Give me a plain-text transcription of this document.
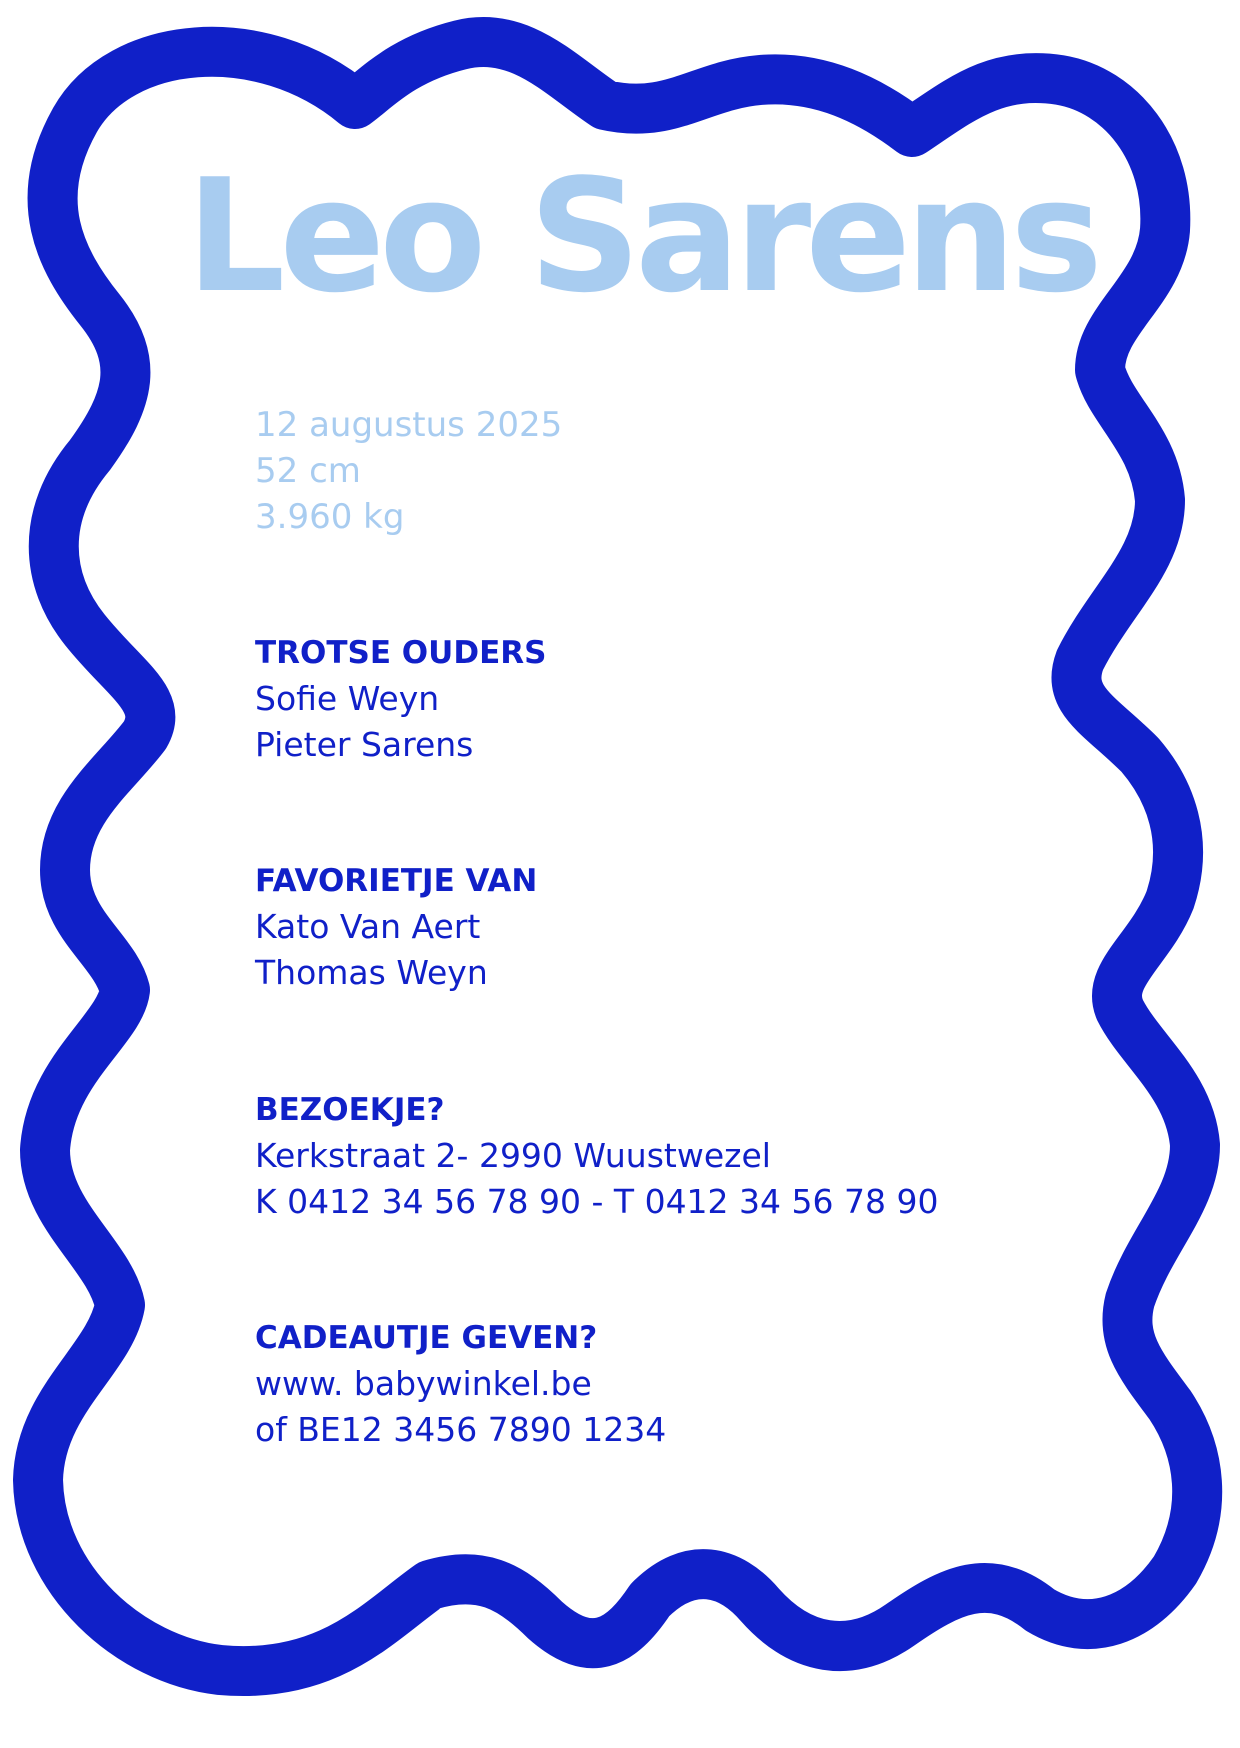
Leo Sarens
12 augustus 2025
52 cm
3.960 kg
TROTSE OUDERS
Sofie Weyn
Pieter Sarens
FAVORIETJE VAN
Kato Van Aert
Thomas Weyn
BEZOEKJE?
Kerkstraat 2- 2990 Wuustwezel
K 0412 34 56 78 90 - T 0412 34 56 78 90
CADEAUTJE GEVEN?
www. babywinkel.be
of BE12 3456 7890 1234
